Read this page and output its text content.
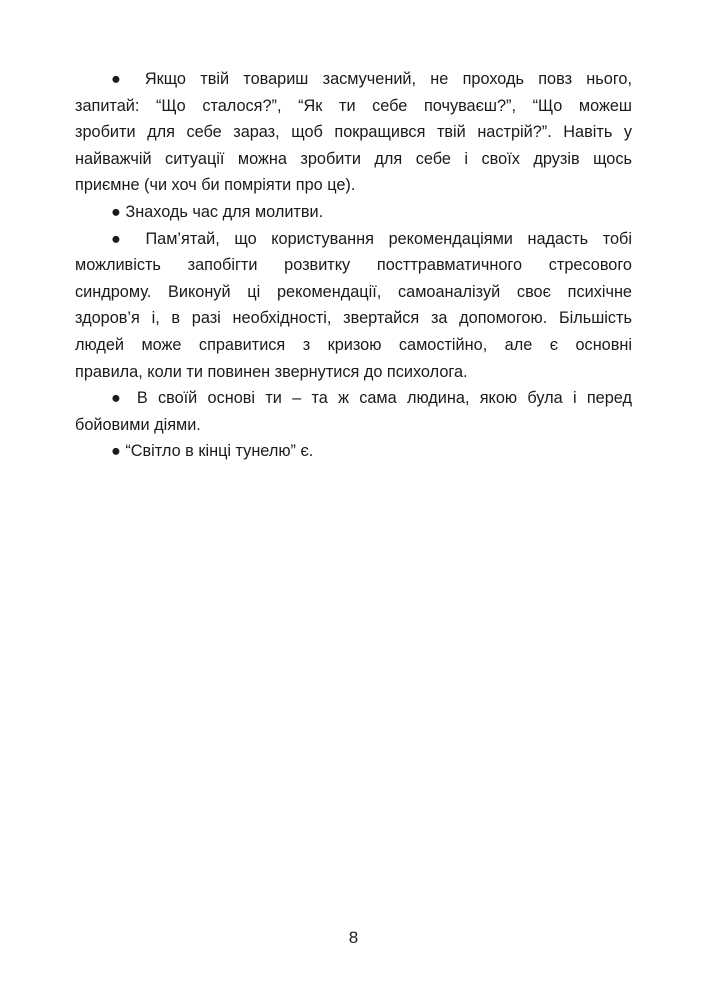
● Якщо твій товариш засмучений, не проходь повз нього,
запитай: “Що сталося?”, “Як ти себе почуваєш?”, “Що можеш
зробити для себе зараз, щоб покращився твій настрій?”. Навіть у
найважчій ситуації можна зробити для себе і своїх друзів щось
приємне (чи хоч би помріяти про це).
● Знаходь час для молитви.
● Пам’ятай, що користування рекомендаціями надасть тобі
можливість запобігти розвитку посттравматичного стресового
синдрому. Виконуй ці рекомендації, самоаналізуй своє психічне
здоров’я і, в разі необхідності, звертайся за допомогою. Більшість
людей може справитися з кризою самостійно, але є основні
правила, коли ти повинен звернутися до психолога.
● В своїй основі ти – та ж сама людина, якою була і перед
бойовими діями.
● “Світло в кінці тунелю” є.
8
